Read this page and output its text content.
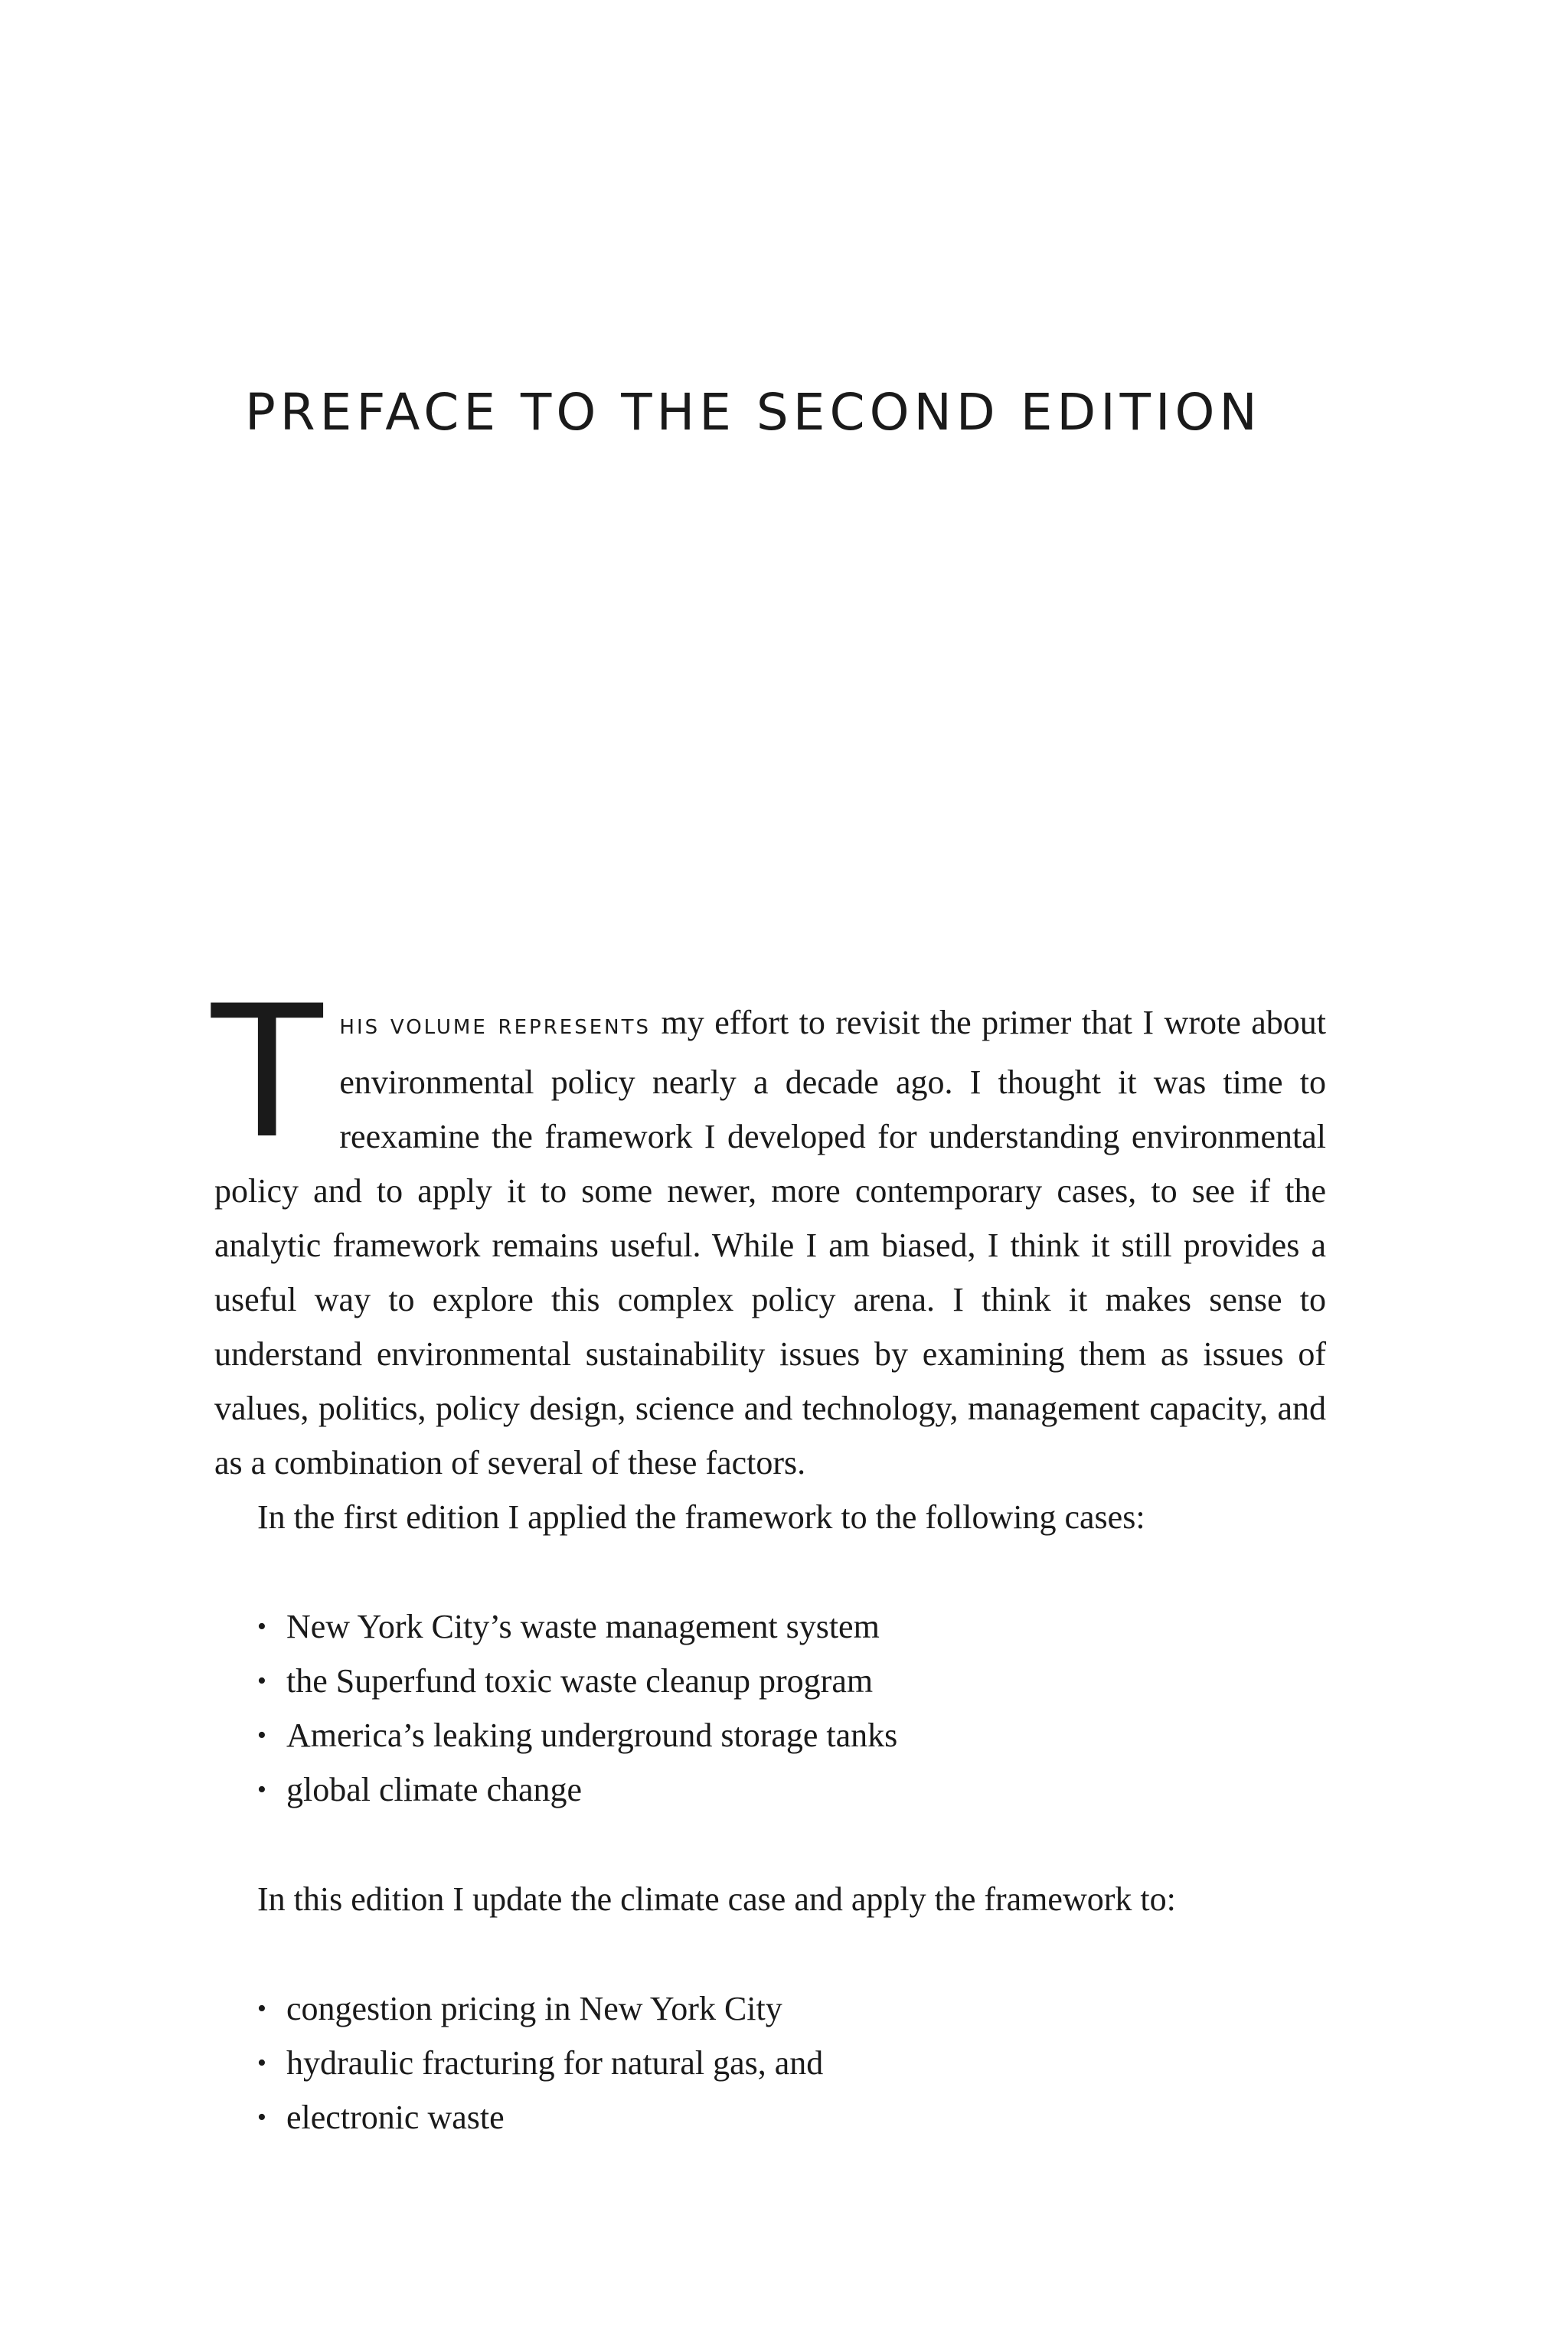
PREFACE TO THE SECOND EDITION

THIS VOLUME REPRESENTS my effort to revisit the primer that I wrote about environmental policy nearly a decade ago. I thought it was time to reexamine the framework I developed for understanding environmental policy and to apply it to some newer, more contemporary cases, to see if the analytic framework remains useful. While I am biased, I think it still provides a useful way to explore this complex policy arena. I think it makes sense to understand environmental sustainability issues by examining them as issues of values, politics, policy design, science and technology, management capacity, and as a combination of several of these factors.

In the first edition I applied the framework to the following cases:

• New York City’s waste management system
• the Superfund toxic waste cleanup program
• America’s leaking underground storage tanks
• global climate change

In this edition I update the climate case and apply the framework to:

• congestion pricing in New York City
• hydraulic fracturing for natural gas, and
• electronic waste
